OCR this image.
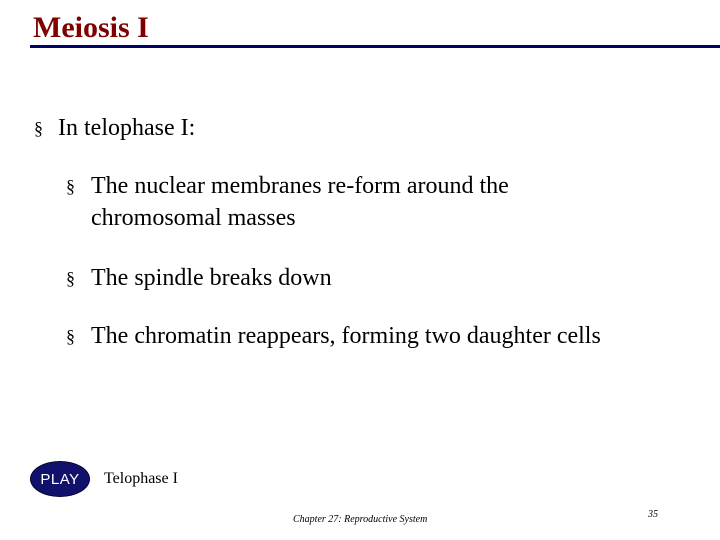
Meiosis I
§ In telophase I:
§ The nuclear membranes re-form around the chromosomal masses
§ The spindle breaks down
§ The chromatin reappears, forming two daughter cells
PLAY Telophase I
Chapter 27: Reproductive System	35
